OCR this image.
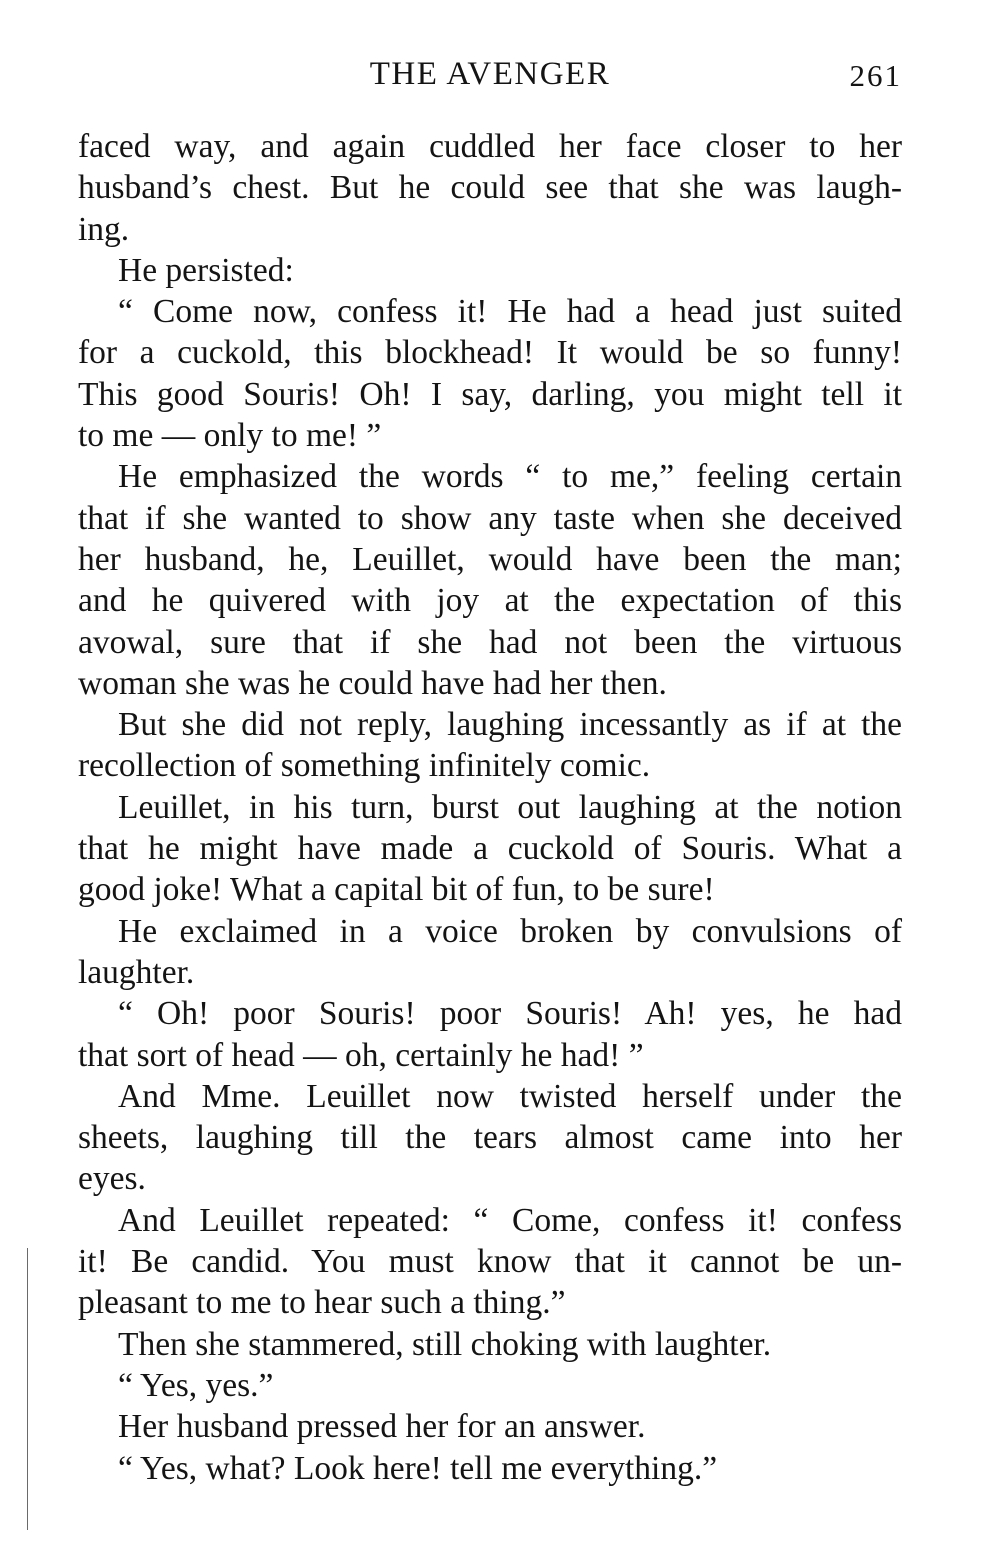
THE AVENGER	261
faced way, and again cuddled her face closer to her
husband’s chest. But he could see that she was laugh-
ing.
He persisted:
“ Come now, confess it! He had a head just suited
for a cuckold, this blockhead! It would be so funny!
This good Souris! Oh! I say, darling, you might tell it
to me — only to me! ”
He emphasized the words “ to me,” feeling certain
that if she wanted to show any taste when she deceived
her husband, he, Leuillet, would have been the man;
and he quivered with joy at the expectation of this
avowal, sure that if she had not been the virtuous
woman she was he could have had her then.
But she did not reply, laughing incessantly as if at the
recollection of something infinitely comic.
Leuillet, in his turn, burst out laughing at the notion
that he might have made a cuckold of Souris. What a
good joke! What a capital bit of fun, to be sure!
He exclaimed in a voice broken by convulsions of
laughter.
“ Oh! poor Souris! poor Souris! Ah! yes, he had
that sort of head — oh, certainly he had! ”
And Mme. Leuillet now twisted herself under the
sheets, laughing till the tears almost came into her
eyes.
And Leuillet repeated: “ Come, confess it! confess
it! Be candid. You must know that it cannot be un-
pleasant to me to hear such a thing.”
Then she stammered, still choking with laughter.
“ Yes, yes.”
Her husband pressed her for an answer.
“ Yes, what? Look here! tell me everything.”
